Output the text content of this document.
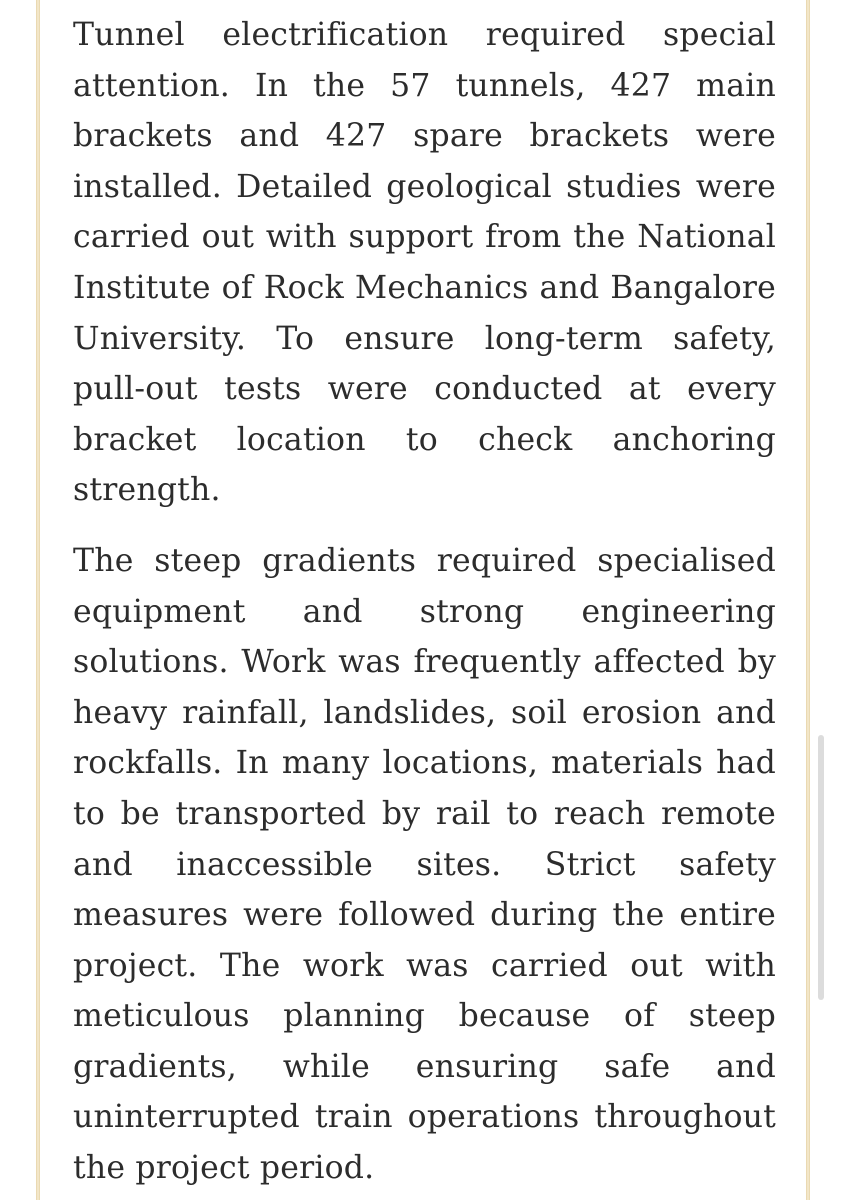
Tunnel electrification required special attention. In the 57 tunnels, 427 main brackets and 427 spare brackets were installed. Detailed geological studies were carried out with support from the National Institute of Rock Mechanics and Bangalore University. To ensure long-term safety, pull-out tests were conducted at every bracket location to check anchoring strength.

The steep gradients required specialised equipment and strong engineering solutions. Work was frequently affected by heavy rainfall, landslides, soil erosion and rockfalls. In many locations, materials had to be transported by rail to reach remote and inaccessible sites. Strict safety measures were followed during the entire project. The work was carried out with meticulous planning because of steep gradients, while ensuring safe and uninterrupted train operations throughout the project period.
